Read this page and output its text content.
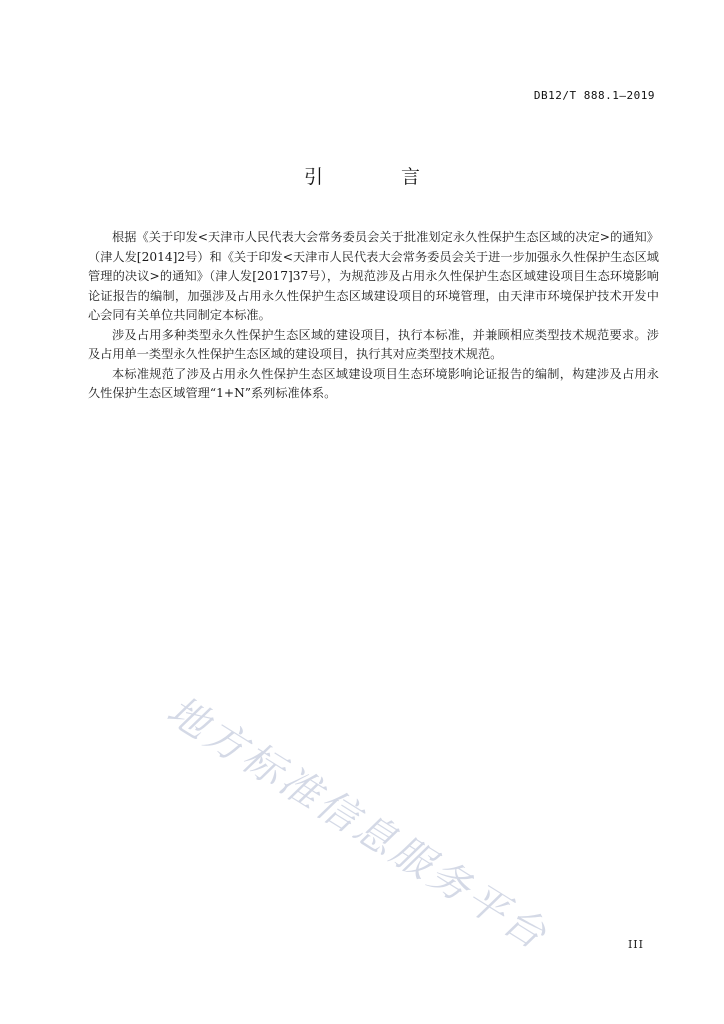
DB12/T 888.1—2019
引 言

根据《关于印发<天津市人民代表大会常务委员会关于批准划定永久性保护生态区域的决定>的通知》（津人发[2014]2号）和《关于印发<天津市人民代表大会常务委员会关于进一步加强永久性保护生态区域管理的决议>的通知》（津人发[2017]37号），为规范涉及占用永久性保护生态区域建设项目生态环境影响论证报告的编制，加强涉及占用永久性保护生态区域建设项目的环境管理，由天津市环境保护技术开发中心会同有关单位共同制定本标准。

涉及占用多种类型永久性保护生态区域的建设项目，执行本标准，并兼顾相应类型技术规范要求。涉及占用单一类型永久性保护生态区域的建设项目，执行其对应类型技术规范。

本标准规范了涉及占用永久性保护生态区域建设项目生态环境影响论证报告的编制，构建涉及占用永久性保护生态区域管理“1+N”系列标准体系。

地方标准信息服务平台	III
